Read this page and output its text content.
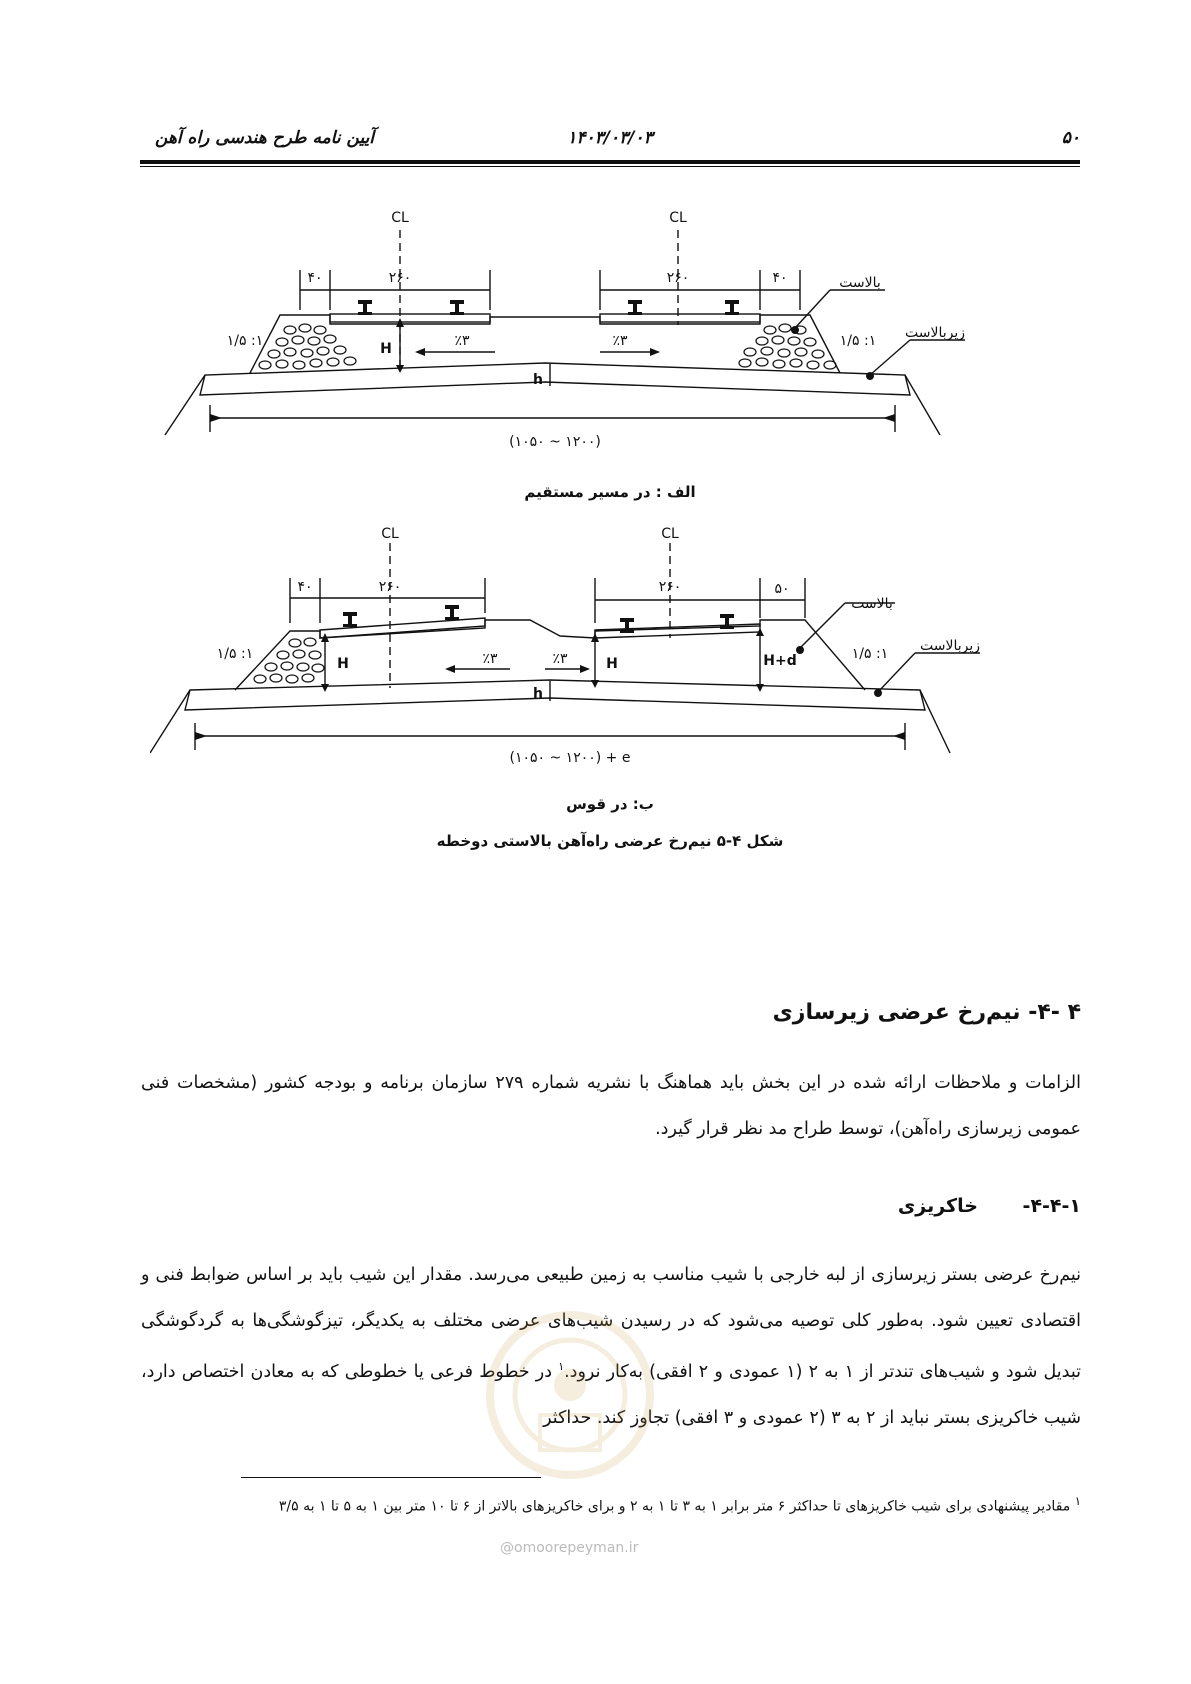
۵۰
۱۴۰۳/۰۳/۰۳
آیین نامه طرح هندسی راه آهن
CL	CL
۴۰	۲۶۰	۲۶۰	۴۰
۱: ۱/۵	۱: ۱/۵
٪۳	٪۳
H
h
بالاست
زیربالاست
(۱۰۵۰ ~ ۱۲۰۰)
الف : در مسیر مستقیم
CL	CL
۴۰	۲۶۰	۲۶۰	۵۰
۱: ۱/۵	۱: ۱/۵
٪۳	٪۳
H	H	H+d
h
بالاست
زیربالاست
(۱۰۵۰ ~ ۱۲۰۰) + e
ب: در قوس
شکل ۴-۵ نیم‌رخ عرضی راه‌آهن بالاستی دوخطه
۴ -۴- نیم‌رخ عرضی زیرسازی

الزامات و ملاحظات ارائه شده در این بخش باید هماهنگ با نشریه شماره ۲۷۹ سازمان برنامه و بودجه کشور (مشخصات فنی عمومی زیرسازی راه‌آهن)، توسط طراح مد نظر قرار گیرد.

۴-۴-۱- خاکریزی

نیم‌رخ عرضی بستر زیرسازی از لبه خارجی با شیب مناسب به زمین طبیعی می‌رسد. مقدار این شیب باید بر اساس ضوابط فنی و اقتصادی تعیین شود. به‌طور کلی توصیه می‌شود که در رسیدن شیب‌های عرضی مختلف به یکدیگر، تیزگوشگی‌ها به گردگوشگی تبدیل شود و شیب‌های تندتر از ۱ به ۲ (۱ عمودی و ۲ افقی) به‌کار نرود.$^۱$ در خطوط فرعی یا خطوطی که به معادن اختصاص دارد، شیب خاکریزی بستر نباید از ۲ به ۳ (۲ عمودی و ۳ افقی) تجاوز کند. حداکثر

$^۱$ مقادیر پیشنهادی برای شیب خاکریزهای تا حداکثر ۶ متر برابر ۱ به ۳ تا ۱ به ۲ و برای خاکریزهای بالاتر از ۶ تا ۱۰ متر بین ۱ به ۵ تا ۱ به ۳/۵

@omoorepeyman.ir
